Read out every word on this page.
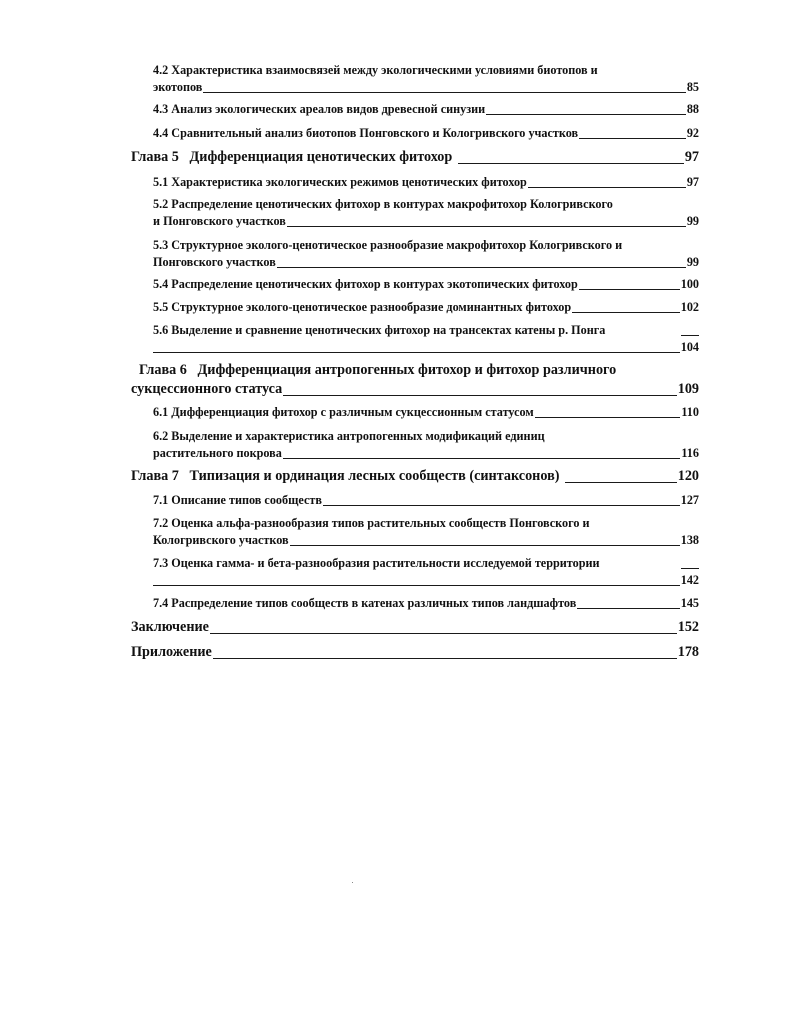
4.2 Характеристика взаимосвязей между экологическими условиями биотопов и
экотопов	85
4.3 Анализ экологических ареалов видов древесной синузии	88
4.4 Сравнительный анализ биотопов Понговского и Кологривского участков	92
Глава 5   Дифференциация ценотических фитохор	97
5.1 Характеристика экологических режимов ценотических фитохор	97
5.2 Распределение ценотических фитохор в контурах макрофитохор Кологривского
и Понговского участков	99
5.3 Структурное эколого-ценотическое разнообразие макрофитохор Кологривского и
Понговского участков	99
5.4 Распределение ценотических фитохор в контурах экотопических фитохор	100
5.5 Структурное эколого-ценотическое разнообразие доминантных фитохор	102
5.6 Выделение и сравнение ценотических фитохор на трансектах катены р. Понга
104
Глава 6   Дифференциация антропогенных фитохор и фитохор различного
сукцессионного статуса	109
6.1 Дифференциация фитохор с различным сукцессионным статусом	110
6.2 Выделение и характеристика антропогенных модификаций единиц
растительного покрова	116
Глава 7   Типизация и ординация лесных сообществ (синтаксонов)	120
7.1 Описание типов сообществ	127
7.2 Оценка альфа-разнообразия типов растительных сообществ Понговского и
Кологривского участков	138
7.3 Оценка гамма- и бета-разнообразия растительности исследуемой территории
142
7.4 Распределение типов сообществ в катенах различных типов ландшафтов	145
Заключение	152
Приложение	178
